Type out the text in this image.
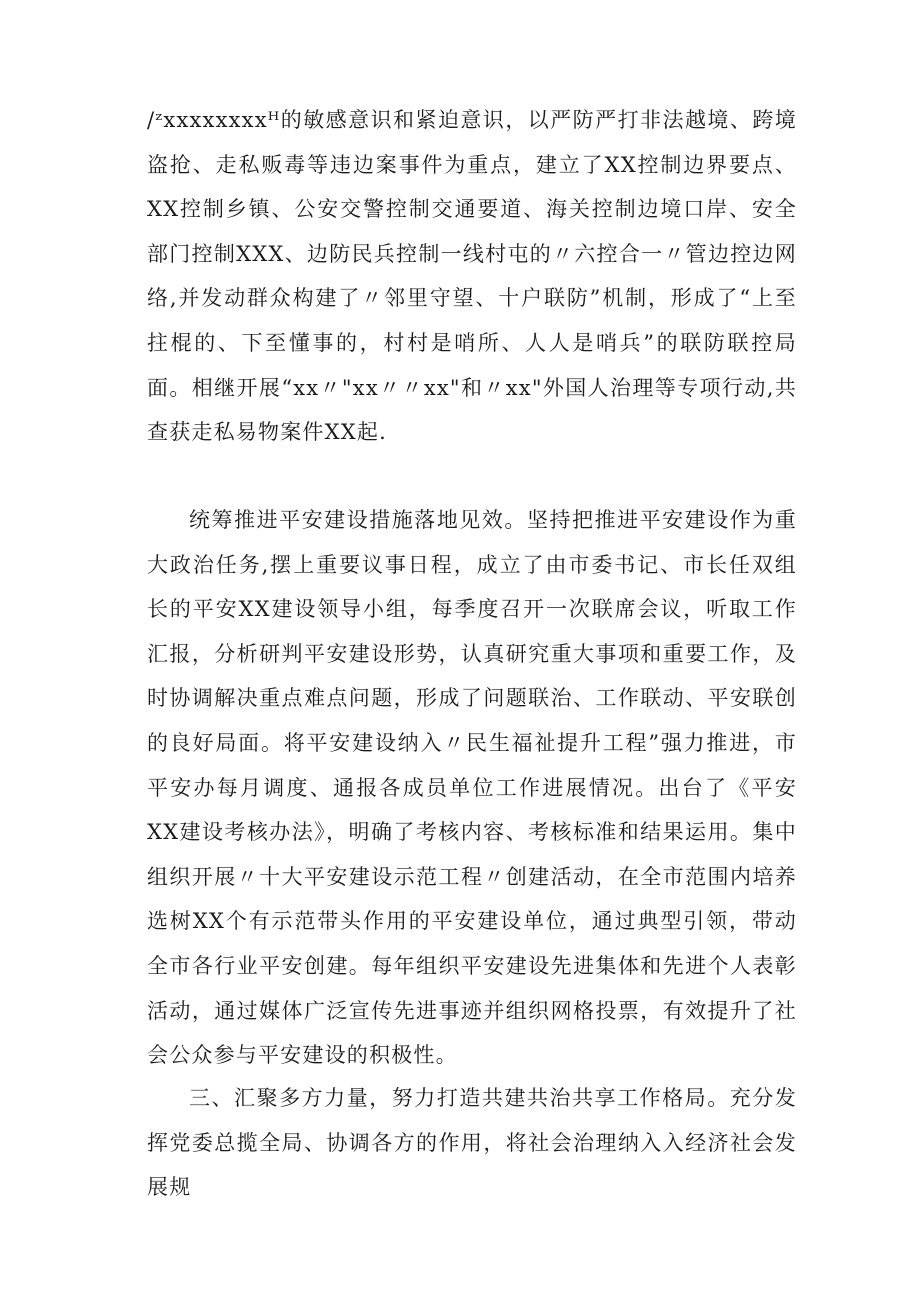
/ᶻxxxxxxxxᴴ的敏感意识和紧迫意识，以严防严打非法越境、跨境盗抢、走私贩毒等违边案事件为重点，建立了XX控制边界要点、XX控制乡镇、公安交警控制交通要道、海关控制边境口岸、安全部门控制XXX、边防民兵控制一线村屯的〃六控合一〃管边控边网络,并发动群众构建了〃邻里守望、十户联防”机制，形成了“上至拄棍的、下至懂事的，村村是哨所、人人是哨兵”的联防联控局面。相继开展“xx〃"xx〃〃xx"和〃xx"外国人治理等专项行动,共查获走私易物案件XX起.

统筹推进平安建设措施落地见效。坚持把推进平安建设作为重大政治任务,摆上重要议事日程，成立了由市委书记、市长任双组长的平安XX建设领导小组，每季度召开一次联席会议，听取工作汇报，分析研判平安建设形势，认真研究重大事项和重要工作，及时协调解决重点难点问题，形成了问题联治、工作联动、平安联创的良好局面。将平安建设纳入〃民生福祉提升工程”强力推进，市平安办每月调度、通报各成员单位工作进展情况。出台了《平安XX建设考核办法》，明确了考核内容、考核标准和结果运用。集中组织开展〃十大平安建设示范工程〃创建活动，在全市范围内培养选树XX个有示范带头作用的平安建设单位，通过典型引领，带动全市各行业平安创建。每年组织平安建设先进集体和先进个人表彰活动，通过媒体广泛宣传先进事迹并组织网格投票，有效提升了社会公众参与平安建设的积极性。

三、汇聚多方力量，努力打造共建共治共享工作格局。充分发挥党委总揽全局、协调各方的作用，将社会治理纳入入经济社会发展规
